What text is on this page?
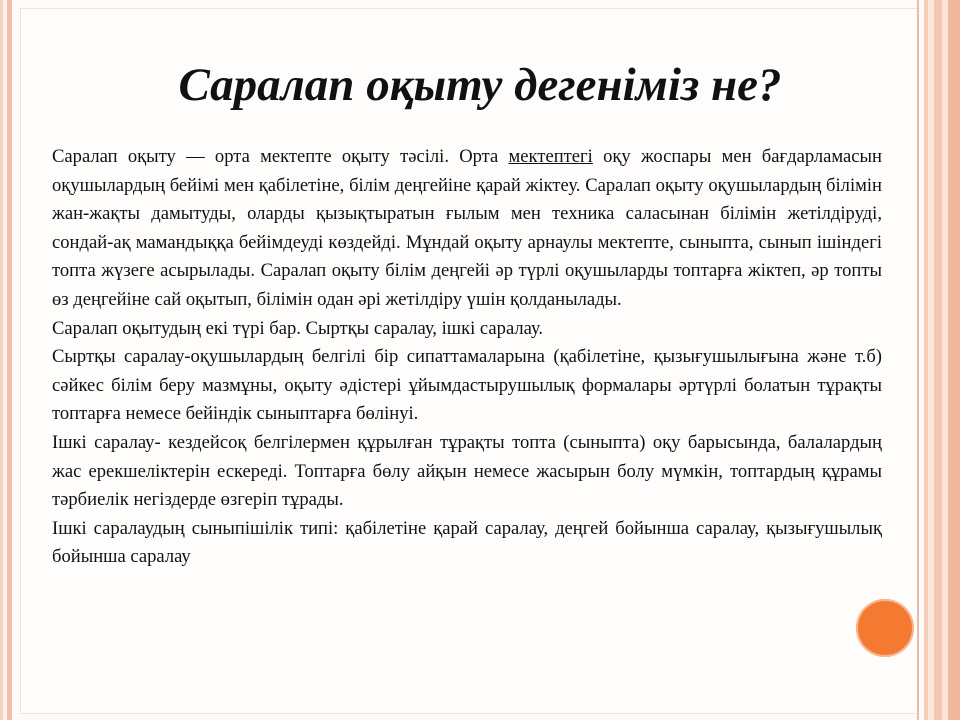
Саралап оқыту дегеніміз не?

Саралап оқыту — орта мектепте оқыту тәсілі. Орта мектептегі оқу жоспары мен бағдарламасын оқушылардың бейімі мен қабілетіне, білім деңгейіне қарай жіктеу. Саралап оқыту оқушылардың білімін жан-жақты дамытуды, оларды қызықтыратын ғылым мен техника саласынан білімін жетілдіруді, сондай-ақ мамандыққа бейімдеуді көздейді. Мұндай оқыту арнаулы мектепте, сыныпта, сынып ішіндегі топта жүзеге асырылады. Саралап оқыту білім деңгейі әр түрлі оқушыларды топтарға жіктеп, әр топты өз деңгейіне сай оқытып, білімін одан әрі жетілдіру үшін қолданылады.

Саралап оқытудың екі түрі бар. Сыртқы саралау, ішкі саралау.

Сыртқы саралау-оқушылардың белгілі бір сипаттамаларына (қабілетіне, қызығушылығына және т.б) сәйкес білім беру мазмұны, оқыту әдістері ұйымдастырушылық формалары әртүрлі болатын тұрақты топтарға немесе бейіндік сыныптарға бөлінуі.

Ішкі саралау- кездейсоқ белгілермен құрылған тұрақты топта (сыныпта) оқу барысында, балалардың жас ерекшеліктерін ескереді. Топтарға бөлу айқын немесе жасырын болу мүмкін, топтардың құрамы тәрбиелік негіздерде өзгеріп тұрады.

Ішкі саралаудың сыныпішілік типі: қабілетіне қарай саралау, деңгей бойынша саралау, қызығушылық бойынша саралау
